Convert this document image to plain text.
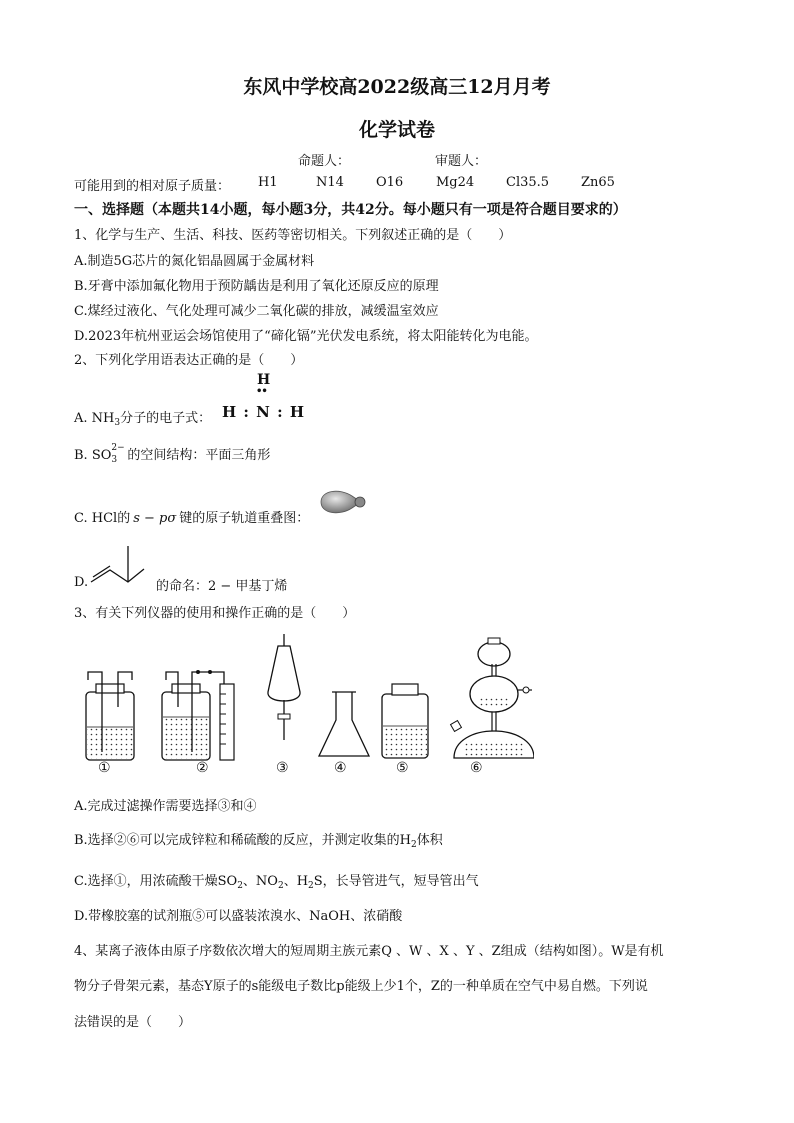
东风中学校高2022级高三12月月考
化学试卷
命题人：	审题人：
可能用到的相对原子质量： H1	N14 O16	Mg24 Cl35.5 Zn65
一、选择题（本题共14小题，每小题3分，共42分。每小题只有一项是符合题目要求的）
1、化学与生产、生活、科技、医药等密切相关。下列叙述正确的是（　　）
A.制造5G芯片的氮化铝晶圆属于金属材料
B.牙膏中添加氟化物用于预防龋齿是利用了氧化还原反应的原理
C.煤经过液化、气化处理可减少二氧化碳的排放，减缓温室效应
D.2023年杭州亚运会场馆使用了“碲化镉”光伏发电系统，将太阳能转化为电能。
2、下列化学用语表达正确的是（　　）
A. $NH_3$分子的电子式：
H
••
H : N : H
B. SO 2−
3 的空间结构：平面三角形
C. HCl的 s − pσ 键的原子轨道重叠图：
D.	的命名：2 − 甲基丁烯
3、有关下列仪器的使用和操作正确的是（　　）
①	②	③	④	⑤	⑥
A.完成过滤操作需要选择③和④
B.选择②⑥可以完成锌粒和稀硫酸的反应，并测定收集的$H_2$体积
C.选择①，用浓硫酸干燥$SO_2$、$NO_2$、$H_2S$，长导管进气，短导管出气
D.带橡胶塞的试剂瓶⑤可以盛装浓溴水、NaOH、浓硝酸
4、某离子液体由原子序数依次增大的短周期主族元素Q 、W 、X 、Y 、Z组成（结构如图）。W是有机
物分子骨架元素，基态Y原子的s能级电子数比p能级上少1个，Z的一种单质在空气中易自燃。下列说
法错误的是（　　）
